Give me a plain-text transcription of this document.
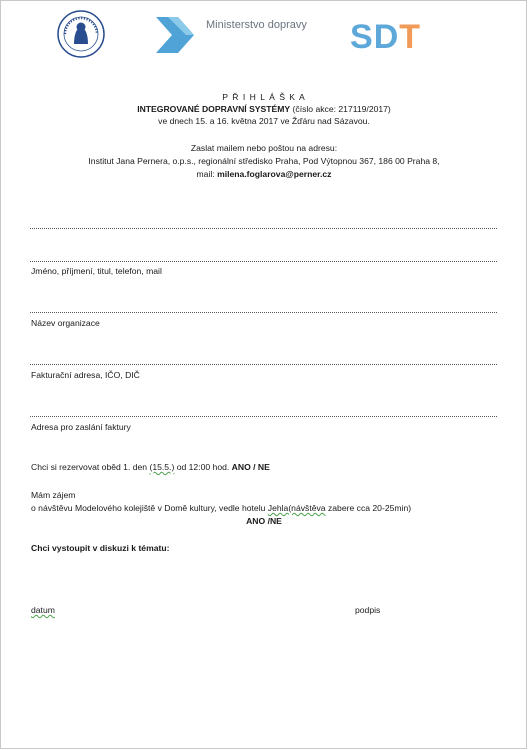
Ministerstvo dopravy SDT
P Ř I H L Á Š K A
INTEGROVANÉ DOPRAVNÍ SYSTÉMY (číslo akce: 217119/2017)
ve dnech 15. a 16. května 2017 ve Žďáru nad Sázavou.
Zaslat mailem nebo poštou na adresu:
Institut Jana Pernera, o.p.s., regionální středisko Praha, Pod Výtopnou 367, 186 00 Praha 8,
mail: milena.foglarova@perner.cz
Jméno, příjmení, titul, telefon, mail
Název organizace
Fakturační adresa, IČO, DIČ
Adresa pro zaslání faktury
Chci si rezervovat oběd 1. den (15.5.) od 12:00 hod. ANO / NE
Mám zájem
o návštěvu Modelového kolejiště v Domě kultury, vedle hotelu Jehla(návštěva zabere cca 20-25min)
ANO /NE
Chci vystoupit v diskuzi k tématu:
datum	podpis
